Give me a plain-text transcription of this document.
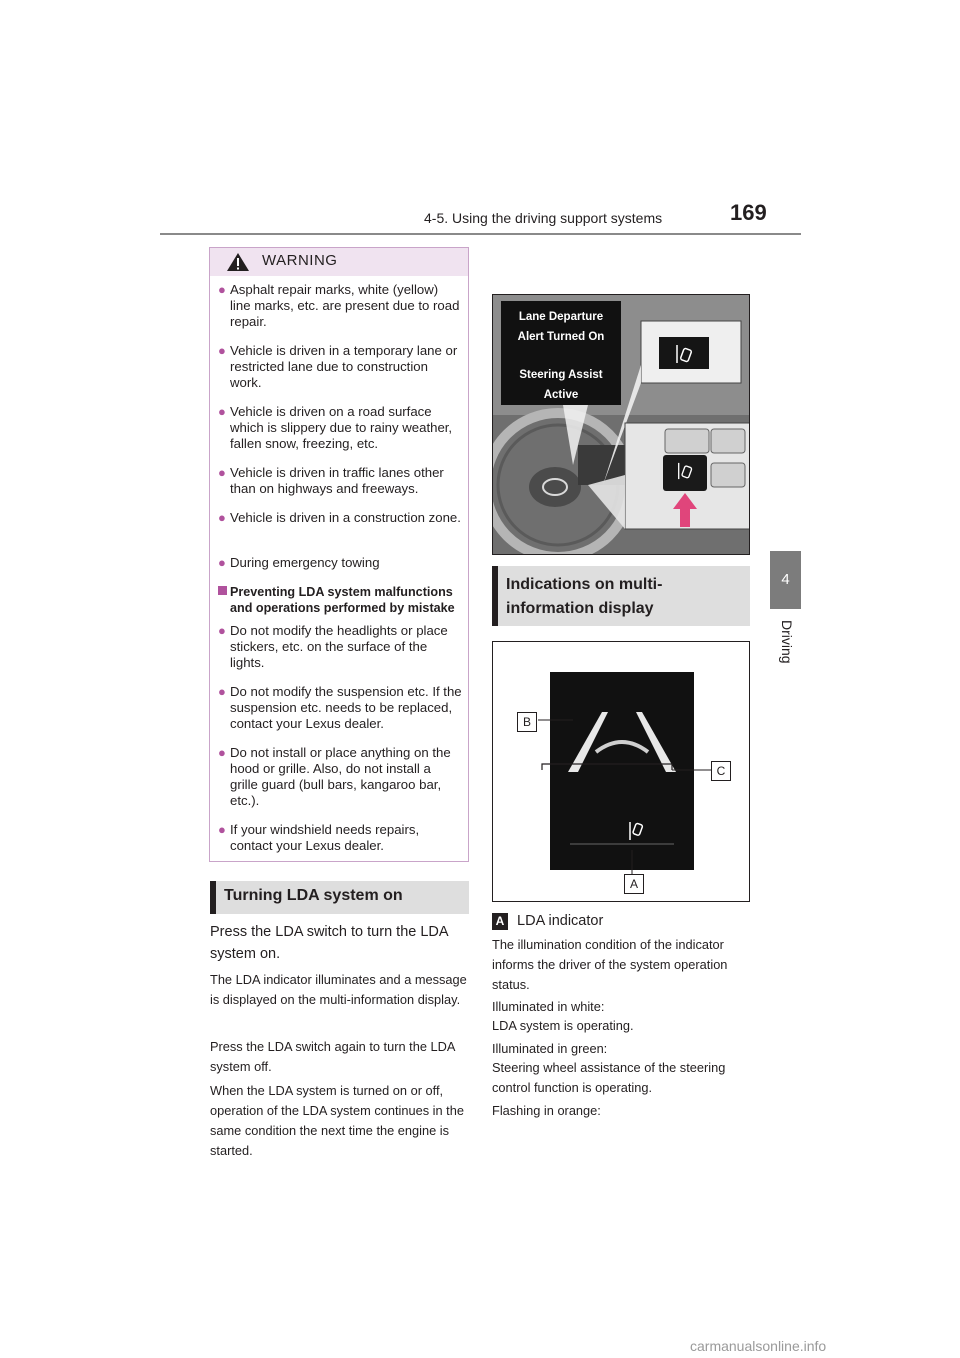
4-5. Using the driving support systems	169
4
Driving
WARNING
● Asphalt repair marks, white (yellow) line marks, etc. are present due to road repair.
● Vehicle is driven in a temporary lane or restricted lane due to construction work.
● Vehicle is driven on a road surface which is slippery due to rainy weather, fallen snow, freezing, etc.
● Vehicle is driven in traffic lanes other than on highways and freeways.
● Vehicle is driven in a construction zone.
● During emergency towing
Preventing LDA system malfunctions and operations performed by mistake
● Do not modify the headlights or place stickers, etc. on the surface of the lights.
● Do not modify the suspension etc. If the suspension etc. needs to be replaced, contact your Lexus dealer.
● Do not install or place anything on the hood or grille. Also, do not install a grille guard (bull bars, kangaroo bar, etc.).
● If your windshield needs repairs, contact your Lexus dealer.
Turning LDA system on
Press the LDA switch to turn the LDA system on.
The LDA indicator illuminates and a message is displayed on the multi-information display.
Press the LDA switch again to turn the LDA system off.
When the LDA system is turned on or off, operation of the LDA system continues in the same condition the next time the engine is started.
Lane Departure
Alert Turned On
Steering Assist
Active
Indications on multi-information display
B
C
A
A LDA indicator
The illumination condition of the indicator informs the driver of the system operation status.
Illuminated in white:
LDA system is operating.
Illuminated in green:
Steering wheel assistance of the steering control function is operating.
Flashing in orange:
carmanualsonline.info
